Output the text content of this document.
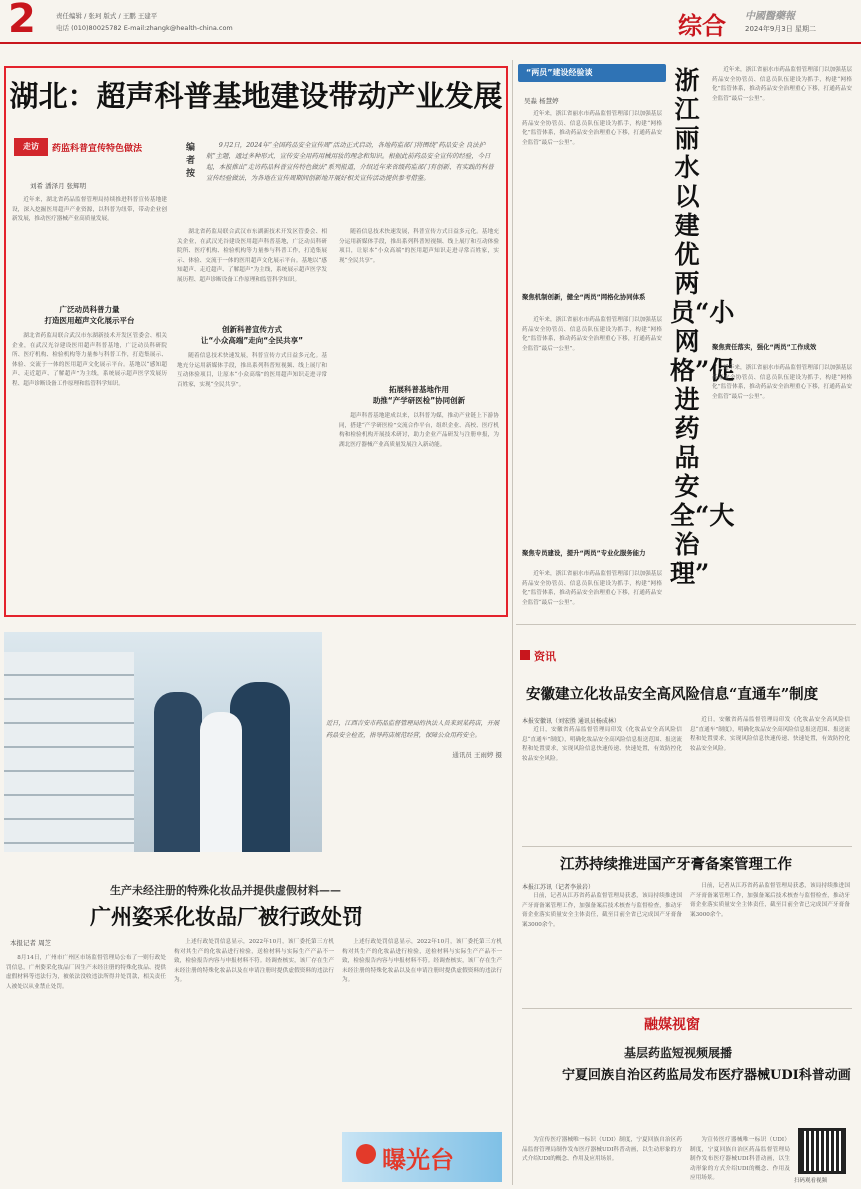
2	责任编辑 / 张珂 版式 / 王鹏 王建平
电话 (010)80025782 E-mail:zhangk@health-china.com	综合 中國醫藥報
2024年9月3日 星期二
湖北：超声科普基地建设带动产业发展
走访	药监科普宣传特色做法
刘希 潘泽月 张辉明
编者按
9月2日，2024年“全国药品安全宣传周”活动正式启动，各地药监部门将围绕“药品安全 良法护航”主题，通过多种形式，宣传安全用药用械用妆的理念和知识。根据此前药品安全宣传的经验，今日起，本报推出“走访药品科普宣传特色做法”系列报道，介绍近年来省级药监部门有创新、有实践的科普宣传经验做法，为各地在宣传周期间创新地开展好相关宣传活动提供参考借鉴。
近年来，湖北省药品监督管理局持续推进科普宣传基地建设，深入挖掘医用超声产业资源，以科普为纽带，带动企业创新发展，推动医疗器械产业高质量发展。
广泛动员科普力量
打造医用超声文化展示平台
湖北省药监局联合武汉市东湖新技术开发区管委会、相关企业，在武汉光谷建设医用超声科普基地，广泛动员科研院所、医疗机构、检验机构等力量参与科普工作，打造集展示、体验、交流于一体的医用超声文化展示平台。基地以“感知超声、走近超声、了解超声”为主线，系统展示超声医学发展历程、超声诊断设备工作原理和监管科学知识。
湖北省药监局联合武汉市东湖新技术开发区管委会、相关企业，在武汉光谷建设医用超声科普基地，广泛动员科研院所、医疗机构、检验机构等力量参与科普工作，打造集展示、体验、交流于一体的医用超声文化展示平台。基地以“感知超声、走近超声、了解超声”为主线，系统展示超声医学发展历程、超声诊断设备工作原理和监管科学知识。
创新科普宣传方式
让“小众高端”走向“全民共享”
随着信息技术快速发展，科普宣传方式日益多元化。基地充分运用新媒体手段，推出系列科普短视频、线上展厅和互动体验项目，让原本“小众高端”的医用超声知识走进寻常百姓家，实现“全民共享”。
随着信息技术快速发展，科普宣传方式日益多元化。基地充分运用新媒体手段，推出系列科普短视频、线上展厅和互动体验项目，让原本“小众高端”的医用超声知识走进寻常百姓家，实现“全民共享”。
拓展科普基地作用
助推“产学研医检”协同创新
超声科普基地建成以来，以科普为媒，推动产业链上下游协同，搭建“产学研医检”交流合作平台，组织企业、高校、医疗机构和检验机构开展技术研讨，助力企业产品研发与注册申报，为湖北医疗器械产业高质量发展注入新动能。
近日，江西吉安市药品监督管理局的执法人员来到某药店，开展药品安全检查，指导药店规范经营，保障公众用药安全。
通讯员 王雨婷 摄
生产未经注册的特殊化妆品并提供虚假材料——
广州姿采化妆品厂被行政处罚
本报记者 周芝
8月14日，广州市广州区市场监督管理局公布了一则行政处罚信息，广州姿采化妆品厂因生产未经注册的特殊化妆品、提供虚假材料等违法行为，被依法没收违法所得并处罚款，相关责任人被处以从业禁止处罚。
上述行政处罚信息显示，2022年10月，该厂委托第三方机构对其生产的化妆品进行检验，送检材料与实际生产产品不一致，检验报告内容与申报材料不符。经调查核实，该厂存在生产未经注册的特殊化妆品以及在申请注册时提供虚假资料的违法行为。
上述行政处罚信息显示，2022年10月，该厂委托第三方机构对其生产的化妆品进行检验，送检材料与实际生产产品不一致，检验报告内容与申报材料不符。经调查核实，该厂存在生产未经注册的特殊化妆品以及在申请注册时提供虚假资料的违法行为。
曝光台
“两员”建设经验谈
吴淼 杨慧婷
浙江丽水以建优两员“小网格”促进药品安全“大治理”
近年来，浙江省丽水市药品监督管理部门以加强基层药品安全协管员、信息员队伍建设为抓手，构建“网格化”监管体系，推动药品安全治理重心下移，打通药品安全监管“最后一公里”。
聚焦机制创新，健全“两员”网格化协同体系
近年来，浙江省丽水市药品监督管理部门以加强基层药品安全协管员、信息员队伍建设为抓手，构建“网格化”监管体系，推动药品安全治理重心下移，打通药品安全监管“最后一公里”。
聚焦专员建设，提升“两员”专业化服务能力
近年来，浙江省丽水市药品监督管理部门以加强基层药品安全协管员、信息员队伍建设为抓手，构建“网格化”监管体系，推动药品安全治理重心下移，打通药品安全监管“最后一公里”。
近年来，浙江省丽水市药品监督管理部门以加强基层药品安全协管员、信息员队伍建设为抓手，构建“网格化”监管体系，推动药品安全治理重心下移，打通药品安全监管“最后一公里”。
聚焦责任落实，强化“两员”工作成效
近年来，浙江省丽水市药品监督管理部门以加强基层药品安全协管员、信息员队伍建设为抓手，构建“网格化”监管体系，推动药品安全治理重心下移，打通药品安全监管“最后一公里”。
资讯
安徽建立化妆品安全高风险信息“直通车”制度
本报安徽讯（刘宏胜 通讯员杨成林）
近日，安徽省药品监督管理局印发《化妆品安全高风险信息“直通车”制度》，明确化妆品安全高风险信息报送范围、报送流程和处置要求，实现风险信息快速传递、快速处置，有效防控化妆品安全风险。
近日，安徽省药品监督管理局印发《化妆品安全高风险信息“直通车”制度》，明确化妆品安全高风险信息报送范围、报送流程和处置要求，实现风险信息快速传递、快速处置，有效防控化妆品安全风险。
江苏持续推进国产牙膏备案管理工作
本报江苏讯（记者李景岩）
日前，记者从江苏省药品监督管理局获悉，该局持续推进国产牙膏备案管理工作，加强备案后技术核查与监督检查，推动牙膏企业落实质量安全主体责任，截至目前全省已完成国产牙膏备案3000余个。
日前，记者从江苏省药品监督管理局获悉，该局持续推进国产牙膏备案管理工作，加强备案后技术核查与监督检查，推动牙膏企业落实质量安全主体责任，截至目前全省已完成国产牙膏备案3000余个。
融媒视窗
基层药监短视频展播
宁夏回族自治区药监局发布医疗器械UDI科普动画
为宣传医疗器械唯一标识（UDI）制度，宁夏回族自治区药品监督管理局制作发布医疗器械UDI科普动画，以生动形象的方式介绍UDI的概念、作用及应用场景。
为宣传医疗器械唯一标识（UDI）制度，宁夏回族自治区药品监督管理局制作发布医疗器械UDI科普动画，以生动形象的方式介绍UDI的概念、作用及应用场景。	扫码观看视频
